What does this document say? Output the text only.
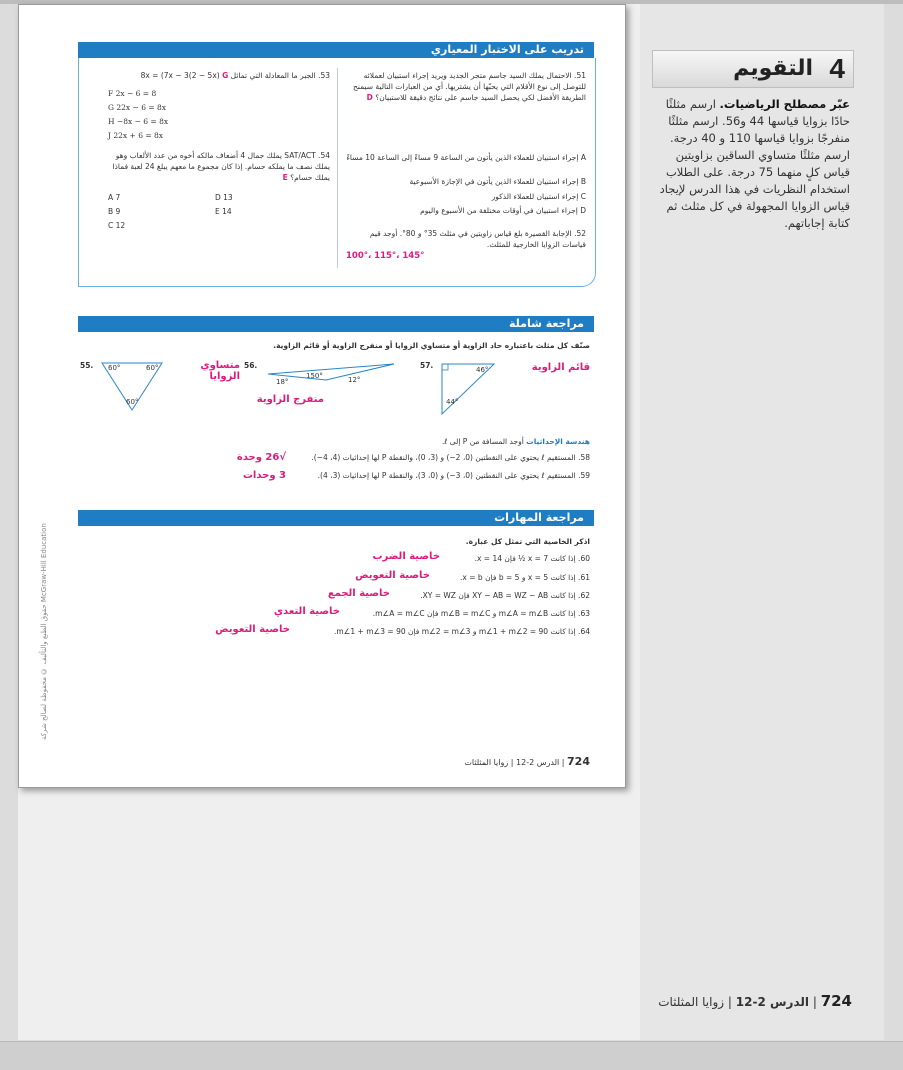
4
التقويم
عبّر مصطلح الرياضيات. ارسم مثلثًا حادًا بزوايا قياسها 44 و56. ارسم مثلثًا منفرجًا بزوايا قياسها 110 و 40 درجة. ارسم مثلثًا متساوي الساقين بزاويتين قياس كلٍ منهما 75 درجة. على الطلاب استخدام النظريات في هذا الدرس لإيجاد قياس الزوايا المجهولة في كل مثلث ثم كتابة إجاباتهم.
724 | الدرس 2-12 | زوايا المثلثات
تدريب على الاختبار المعياري
51. الاحتمال يملك السيد جاسم متجر الجديد ويريد إجراء استبيان لعملائه للتوصل إلى نوع الأقلام التي يحبّها أن يشتريها. أي من العبارات التالية سيمنح الطريقة الأفضل لكي يحصل السيد جاسم على نتائج دقيقة للاستبيان؟ D
A إجراء استبيان للعملاء الذين يأتون من الساعة 9 مساءً إلى الساعة 10 مساءً
B إجراء استبيان للعملاء الذين يأتون في الإجازة الأسبوعية
C إجراء استبيان للعملاء الذكور
D إجراء استبيان في أوقات مختلفة من الأسبوع واليوم
52. الإجابة القصيرة بلغ قياس زاويتين في مثلث 35° و 80°. أوجد قيم قياسات الزوايا الخارجية للمثلث.
100°، 115°، 145°
53. الجبر ما المعادلة التي تماثل 8x = (7x − 3(2 − 5x) G
F 2x − 6 = 8
G 22x − 6 = 8x
H −8x − 6 = 8x
J 22x + 6 = 8x
54. SAT/ACT يملك جمال 4 أضعاف مالكه أخوه من عدد الألعاب وهو يملك نصف ما يملكه حسام. إذا كان مجموع ما معهم يبلغ 24 لعبة فماذا يملك حسام؟ E
A 7
B 9
C 12
D 13
E 14
مراجعة شاملة
صنّف كل مثلث باعتباره حاد الزاوية أو متساوي الزوايا أو منفرج الزاوية أو قائم الزاوية.
55.	60°	60°
60°
متساوي الزوايا
56.
18°
150°	12°
منفرج الزاوية
57.	46°
44°
قائم الزاوية
هندسة الإحداثيات أوجد المسافة من P إلى ℓ.
58. المستقيم ℓ يحتوي على النقطتين (0، 2−) و (3، 0)، والنقطة P لها إحداثيات (4، 4−).
√26 وحدة
59. المستقيم ℓ يحتوي على النقطتين (0، 3−) و (0، 3)، والنقطة P لها إحداثيات (3، 4).
3 وحدات
مراجعة المهارات
اذكر الخاصية التي تمثل كل عبارة.
60. إذا كانت x = 7 ½ فإن x = 14.
خاصية الضرب
61. إذا كانت x = 5 و b = 5 فإن x = b.
خاصية التعويض
62. إذا كانت XY − AB = WZ − AB فإن XY = WZ.
خاصية الجمع
63. إذا كانت m∠A = m∠B و m∠B = m∠C فإن m∠A = m∠C.
خاصية التعدي
64. إذا كانت m∠1 + m∠2 = 90 و m∠2 = m∠3 فإن m∠1 + m∠3 = 90.
خاصية التعويض
724 | الدرس 2-12 | زوايا المثلثات
حقوق الطبع والتأليف © محفوظة لصالح شركة McGraw-Hill Education
